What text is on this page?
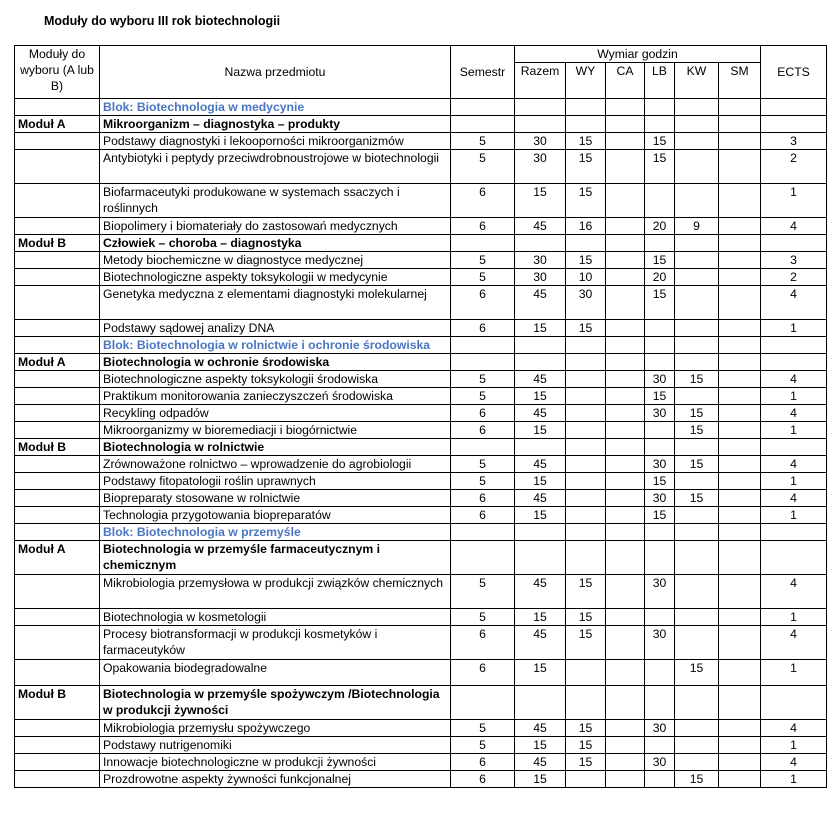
Moduły do wyboru III rok biotechnologii
Moduły do wyboru (A lub B)	Nazwa przedmiotu	Semestr	Wymiar godzin						ECTS
			Razem	WY	CA	LB	KW	SM	
	Blok: Biotechnologia w medycynie								
Moduł A	Mikroorganizm – diagnostyka – produkty								
	Podstawy diagnostyki i lekooporności mikroorganizmów	5	30	15		15			3
	Antybiotyki i peptydy przeciwdrobnoustrojowe w biotechnologii	5	30	15		15			2
	Biofarmaceutyki produkowane w systemach ssaczych i roślinnych	6	15	15					1
	Biopolimery i biomateriały do zastosowań medycznych	6	45	16		20	9		4
Moduł B	Człowiek – choroba – diagnostyka								
	Metody biochemiczne w diagnostyce medycznej	5	30	15		15			3
	Biotechnologiczne aspekty toksykologii w medycynie	5	30	10		20			2
	Genetyka medyczna z elementami diagnostyki molekularnej	6	45	30		15			4
	Podstawy sądowej analizy DNA	6	15	15					1
	Blok: Biotechnologia w rolnictwie i ochronie środowiska								
Moduł A	Biotechnologia w ochronie środowiska								
	Biotechnologiczne aspekty toksykologii środowiska	5	45			30	15		4
	Praktikum monitorowania zanieczyszczeń środowiska	5	15			15			1
	Recykling odpadów	6	45			30	15		4
	Mikroorganizmy w bioremediacji i biogórnictwie	6	15				15		1
Moduł B	Biotechnologia w rolnictwie								
	Zrównoważone rolnictwo – wprowadzenie do agrobiologii	5	45			30	15		4
	Podstawy fitopatologii roślin uprawnych	5	15			15			1
	Biopreparaty stosowane w rolnictwie	6	45			30	15		4
	Technologia przygotowania biopreparatów	6	15			15			1
	Blok: Biotechnologia w przemyśle								
Moduł A	Biotechnologia w przemyśle farmaceutycznym i chemicznym								
	Mikrobiologia przemysłowa w produkcji związków chemicznych	5	45	15		30			4
	Biotechnologia w kosmetologii	5	15	15					1
	Procesy biotransformacji w produkcji kosmetyków i farmaceutyków	6	45	15		30			4
	Opakowania biodegradowalne	6	15				15		1
Moduł B	Biotechnologia w przemyśle spożywczym /Biotechnologia w produkcji żywności								
	Mikrobiologia przemysłu spożywczego	5	45	15		30			4
	Podstawy nutrigenomiki	5	15	15					1
	Innowacje biotechnologiczne w produkcji żywności	6	45	15		30			4
	Prozdrowotne aspekty żywności funkcjonalnej	6	15				15		1
